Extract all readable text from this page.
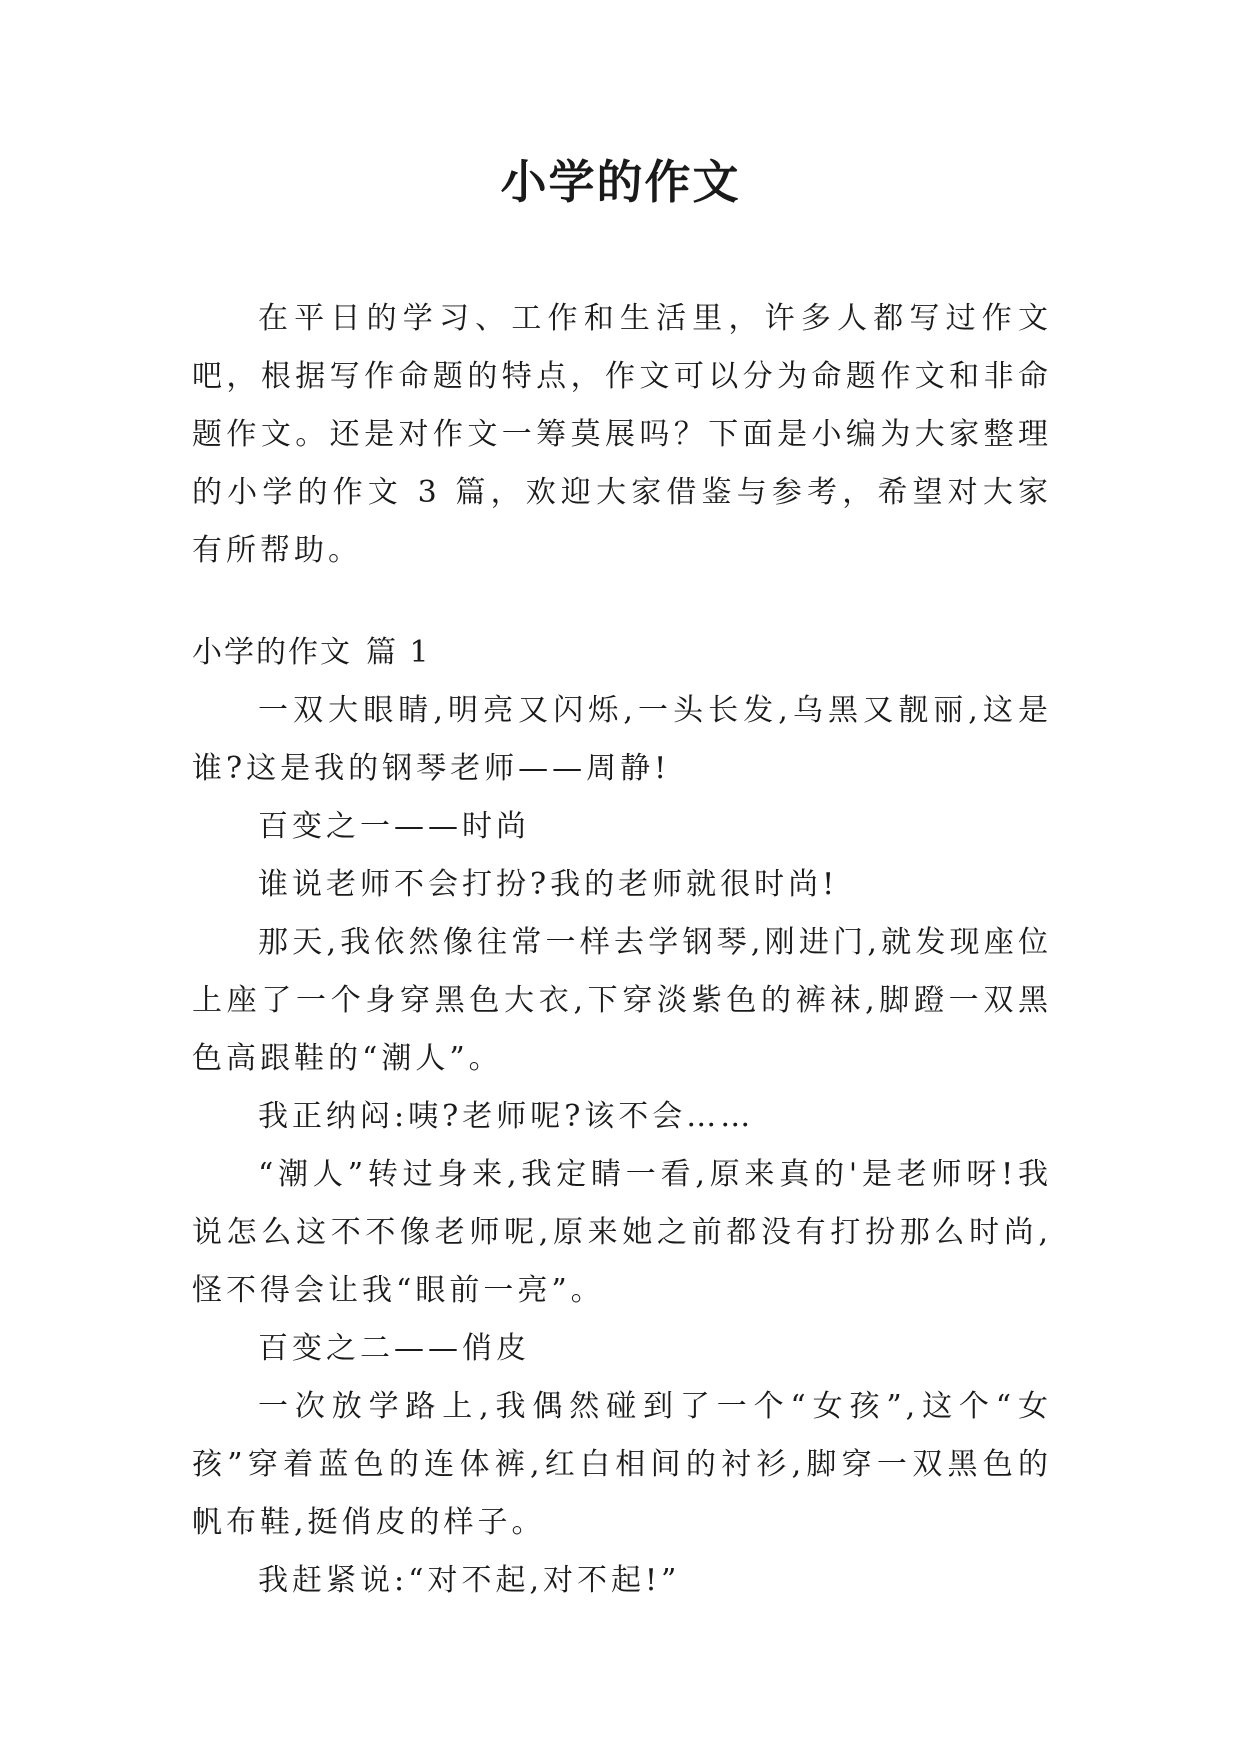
小学的作文

在平日的学习、工作和生活里，许多人都写过作文吧，根据写作命题的特点，作文可以分为命题作文和非命题作文。还是对作文一筹莫展吗？下面是小编为大家整理的小学的作文 3 篇，欢迎大家借鉴与参考，希望对大家有所帮助。

小学的作文 篇 1

一双大眼睛,明亮又闪烁,一头长发,乌黑又靓丽,这是谁?这是我的钢琴老师——周静!

百变之一——时尚

谁说老师不会打扮?我的老师就很时尚!

那天,我依然像往常一样去学钢琴,刚进门,就发现座位上座了一个身穿黑色大衣,下穿淡紫色的裤袜,脚蹬一双黑色高跟鞋的“潮人”。

我正纳闷:咦?老师呢?该不会……

“潮人”转过身来,我定睛一看,原来真的'是老师呀!我说怎么这不不像老师呢,原来她之前都没有打扮那么时尚,怪不得会让我“眼前一亮”。

百变之二——俏皮

一次放学路上,我偶然碰到了一个“女孩”,这个“女孩”穿着蓝色的连体裤,红白相间的衬衫,脚穿一双黑色的帆布鞋,挺俏皮的样子。

我赶紧说:“对不起,对不起!”
